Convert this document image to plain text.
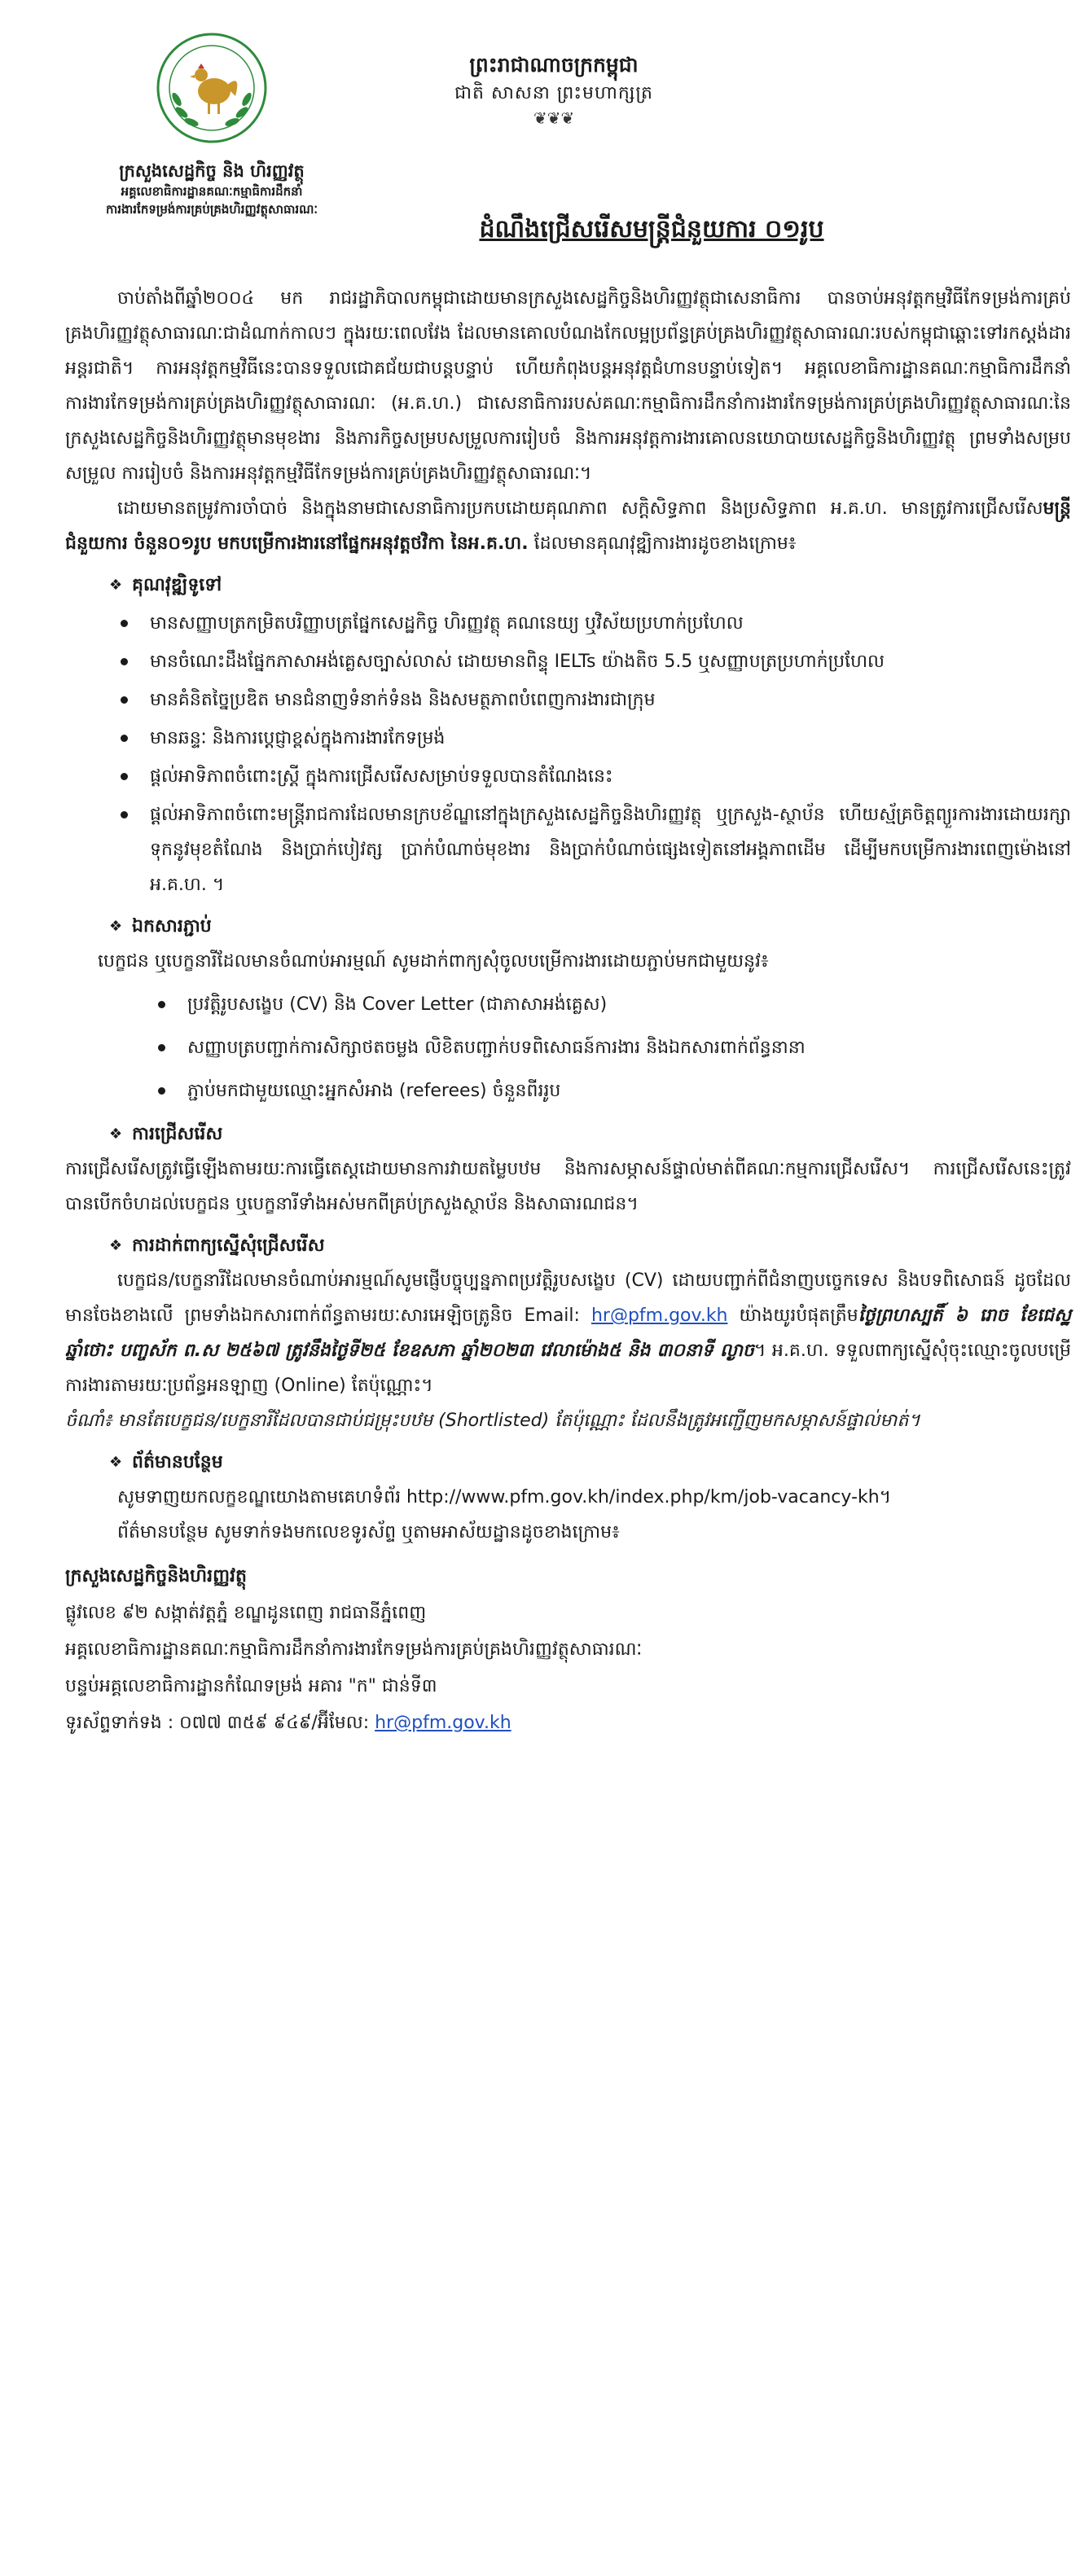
ក្រសួងសេដ្ឋកិច្ច និង ហិរញ្ញវត្ថុ
អគ្គលេខាធិការដ្ឋានគណៈកម្មាធិការដឹកនាំ
ការងារកែទម្រង់ការគ្រប់គ្រងហិរញ្ញវត្ថុសាធារណៈ
ព្រះរាជាណាចក្រកម្ពុជា
ជាតិ សាសនា ព្រះមហាក្សត្រ
❦❦❦
ដំណឹងជ្រើសរើសមន្ត្រីជំនួយការ ០១រូប

ចាប់តាំងពីឆ្នាំ២០០៤ មក រាជរដ្ឋាភិបាលកម្ពុជាដោយមានក្រសួងសេដ្ឋកិច្ចនិងហិរញ្ញវត្ថុជាសេនាធិការ បានចាប់អនុវត្តកម្មវិធីកែទម្រង់ការគ្រប់គ្រងហិរញ្ញវត្ថុសាធារណៈជាដំណាក់កាលៗ ក្នុងរយៈពេលវែង ដែលមានគោលបំណងកែលម្អប្រព័ន្ធគ្រប់គ្រងហិរញ្ញវត្ថុសាធារណៈរបស់កម្ពុជាឆ្ពោះទៅរកស្តង់ដារអន្តរជាតិ។ ការអនុវត្តកម្មវិធីនេះបានទទួលជោគជ័យជាបន្តបន្ទាប់ ហើយកំពុងបន្តអនុវត្តជំហានបន្ទាប់ទៀត។ អគ្គលេខាធិការដ្ឋានគណៈកម្មាធិការដឹកនាំការងារកែទម្រង់ការគ្រប់គ្រងហិរញ្ញវត្ថុសាធារណៈ (អ.គ.ហ.) ជាសេនាធិការរបស់គណៈកម្មាធិការដឹកនាំការងារកែទម្រង់ការគ្រប់គ្រងហិរញ្ញវត្ថុសាធារណៈនៃក្រសួងសេដ្ឋកិច្ចនិងហិរញ្ញវត្ថុមានមុខងារ និងភារកិច្ចសម្របសម្រួលការរៀបចំ និងការអនុវត្តការងារគោលនយោបាយសេដ្ឋកិច្ចនិងហិរញ្ញវត្ថុ ព្រមទាំងសម្របសម្រួល ការរៀបចំ និងការអនុវត្តកម្មវិធីកែទម្រង់ការគ្រប់គ្រងហិរញ្ញវត្ថុសាធារណៈ។

ដោយមានតម្រូវការចាំបាច់ និងក្នុងនាមជាសេនាធិការប្រកបដោយគុណភាព សក្តិសិទ្ធភាព និងប្រសិទ្ធភាព អ.គ.ហ. មានត្រូវការជ្រើសរើសមន្ត្រីជំនួយការ ចំនួន០១រូប មកបម្រើការងារនៅផ្នែកអនុវត្តថវិកា នៃអ.គ.ហ. ដែលមានគុណវុឌ្ឍិការងារដូចខាងក្រោម៖

❖ គុណវុឌ្ឍិទូទៅ
មានសញ្ញាបត្រកម្រិតបរិញ្ញាបត្រផ្នែកសេដ្ឋកិច្ច ហិរញ្ញវត្ថុ គណនេយ្យ ឬវិស័យប្រហាក់ប្រហែល
មានចំណេះដឹងផ្នែកភាសាអង់គ្លេសច្បាស់លាស់ ដោយមានពិន្ទុ IELTs យ៉ាងតិច 5.5 ឬសញ្ញាបត្រប្រហាក់ប្រហែល
មានគំនិតច្នៃប្រឌិត មានជំនាញទំនាក់ទំនង និងសមត្ថភាពបំពេញការងារជាក្រុម
មានឆន្ទៈ និងការប្តេជ្ញាខ្ពស់ក្នុងការងារកែទម្រង់
ផ្តល់អាទិភាពចំពោះស្រ្តី ក្នុងការជ្រើសរើសសម្រាប់ទទួលបានតំណែងនេះ
ផ្តល់អាទិភាពចំពោះមន្ត្រីរាជការដែលមានក្របខ័ណ្ឌនៅក្នុងក្រសួងសេដ្ឋកិច្ចនិងហិរញ្ញវត្ថុ ឬក្រសួង-ស្ថាប័ន ហើយស្ម័គ្រចិត្តព្យួរការងារដោយរក្សាទុកនូវមុខតំណែង និងប្រាក់បៀវត្ស ប្រាក់បំណាច់មុខងារ និងប្រាក់បំណាច់ផ្សេងទៀតនៅអង្គភាពដើម ដើម្បីមកបម្រើការងារពេញម៉ោងនៅ អ.គ.ហ. ។
❖ ឯកសារភ្ជាប់

បេក្ខជន ឬបេក្ខនារីដែលមានចំណាប់អារម្មណ៍ សូមដាក់ពាក្យសុំចូលបម្រើការងារដោយភ្ជាប់មកជាមួយនូវ៖

ប្រវត្តិរូបសង្ខេប (CV) និង Cover Letter (ជាភាសាអង់គ្លេស)
សញ្ញាបត្របញ្ជាក់ការសិក្សាថតចម្លង លិខិតបញ្ជាក់បទពិសោធន៍ការងារ និងឯកសារពាក់ព័ន្ធនានា
ភ្ជាប់មកជាមួយឈ្មោះអ្នកសំអាង (referees) ចំនួនពីររូប
❖ ការជ្រើសរើស

ការជ្រើសរើសត្រូវធ្វើឡើងតាមរយៈការធ្វើតេស្តដោយមានការវាយតម្លៃបឋម និងការសម្ភាសន៍ផ្ទាល់មាត់ពីគណៈកម្មការជ្រើសរើស។ ការជ្រើសរើសនេះត្រូវបានបើកចំហដល់បេក្ខជន ឬបេក្ខនារីទាំងអស់មកពីគ្រប់ក្រសួងស្ថាប័ន និងសាធារណជន។

❖ ការដាក់ពាក្យស្នើសុំជ្រើសរើស

បេក្ខជន/បេក្ខនារីដែលមានចំណាប់អារម្មណ៍សូមផ្ញើបច្ចុប្បន្នភាពប្រវត្តិរូបសង្ខេប (CV) ដោយបញ្ជាក់ពីជំនាញបច្ចេកទេស និងបទពិសោធន៍ ដូចដែលមានចែងខាងលើ ព្រមទាំងឯកសារពាក់ព័ន្ធតាមរយៈសារអេឡិចត្រូនិច Email: hr@pfm.gov.kh យ៉ាងយូរបំផុតត្រឹមថ្ងៃព្រហស្បតិ៍ ៦ រោច ខែជេស្ឋ ឆ្នាំថោះ បញ្ចស័ក ព.ស ២៥៦៧ ត្រូវនឹងថ្ងៃទី២៥ ខែឧសភា ឆ្នាំ២០២៣ វេលាម៉ោង៥ និង ៣០នាទី ល្ងាច។ អ.គ.ហ. ទទួលពាក្យស្នើសុំចុះឈ្មោះចូលបម្រើការងារតាមរយៈប្រព័ន្ធអនឡាញ (Online) តែប៉ុណ្ណោះ។

ចំណាំ៖ មានតែបេក្ខជន/បេក្ខនារីដែលបានជាប់ជម្រុះបឋម (Shortlisted) តែប៉ុណ្ណោះ ដែលនឹងត្រូវអញ្ជើញមកសម្ភាសន៍ផ្ទាល់មាត់។

❖ ព័ត៌មានបន្ថែម

សូមទាញយកលក្ខខណ្ឌយោងតាមគេហទំព័រ http://www.pfm.gov.kh/index.php/km/job-vacancy-kh។

ព័ត៌មានបន្ថែម សូមទាក់ទងមកលេខទូរស័ព្ទ ឬតាមអាស័យដ្ឋានដូចខាងក្រោម៖

ក្រសួងសេដ្ឋកិច្ចនិងហិរញ្ញវត្ថុ

ផ្លូវលេខ ៩២ សង្កាត់វត្តភ្នំ ខណ្ឌដូនពេញ រាជធានីភ្នំពេញ

អគ្គលេខាធិការដ្ឋានគណៈកម្មាធិការដឹកនាំការងារកែទម្រង់ការគ្រប់គ្រងហិរញ្ញវត្ថុសាធារណៈ

បន្ទប់អគ្គលេខាធិការដ្ឋានកំណែទម្រង់ អគារ "ក" ជាន់ទី៣

ទូរស័ព្ទទាក់ទង : ០៧៧ ៣៥៩ ៩៤៩/អ៊ីមែល: hr@pfm.gov.kh
